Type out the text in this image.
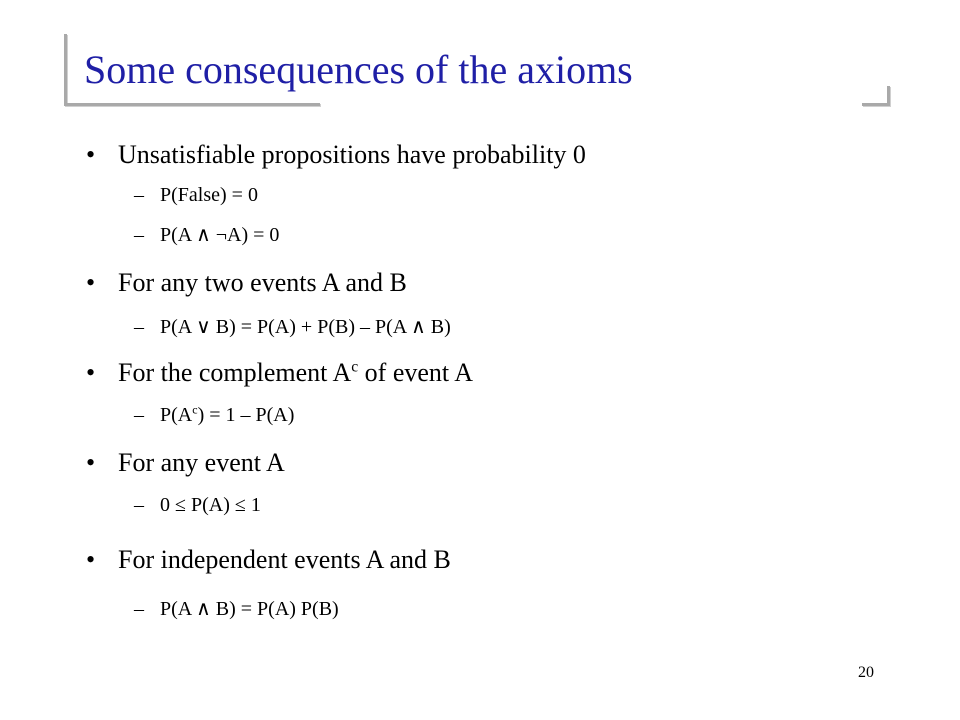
Some consequences of the axioms
• Unsatisfiable propositions have probability 0
– P(False) = 0
– P(A ∧ ¬A) = 0
• For any two events A and B
– P(A ∨ B) = P(A) + P(B) – P(A ∧ B)
• For the complement $A^c$ of event A
– $P(A^c) = 1 - P(A)$
• For any event A
– 0 ≤ P(A) ≤ 1
• For independent events A and B
– P(A ∧ B) = P(A) P(B)
20
